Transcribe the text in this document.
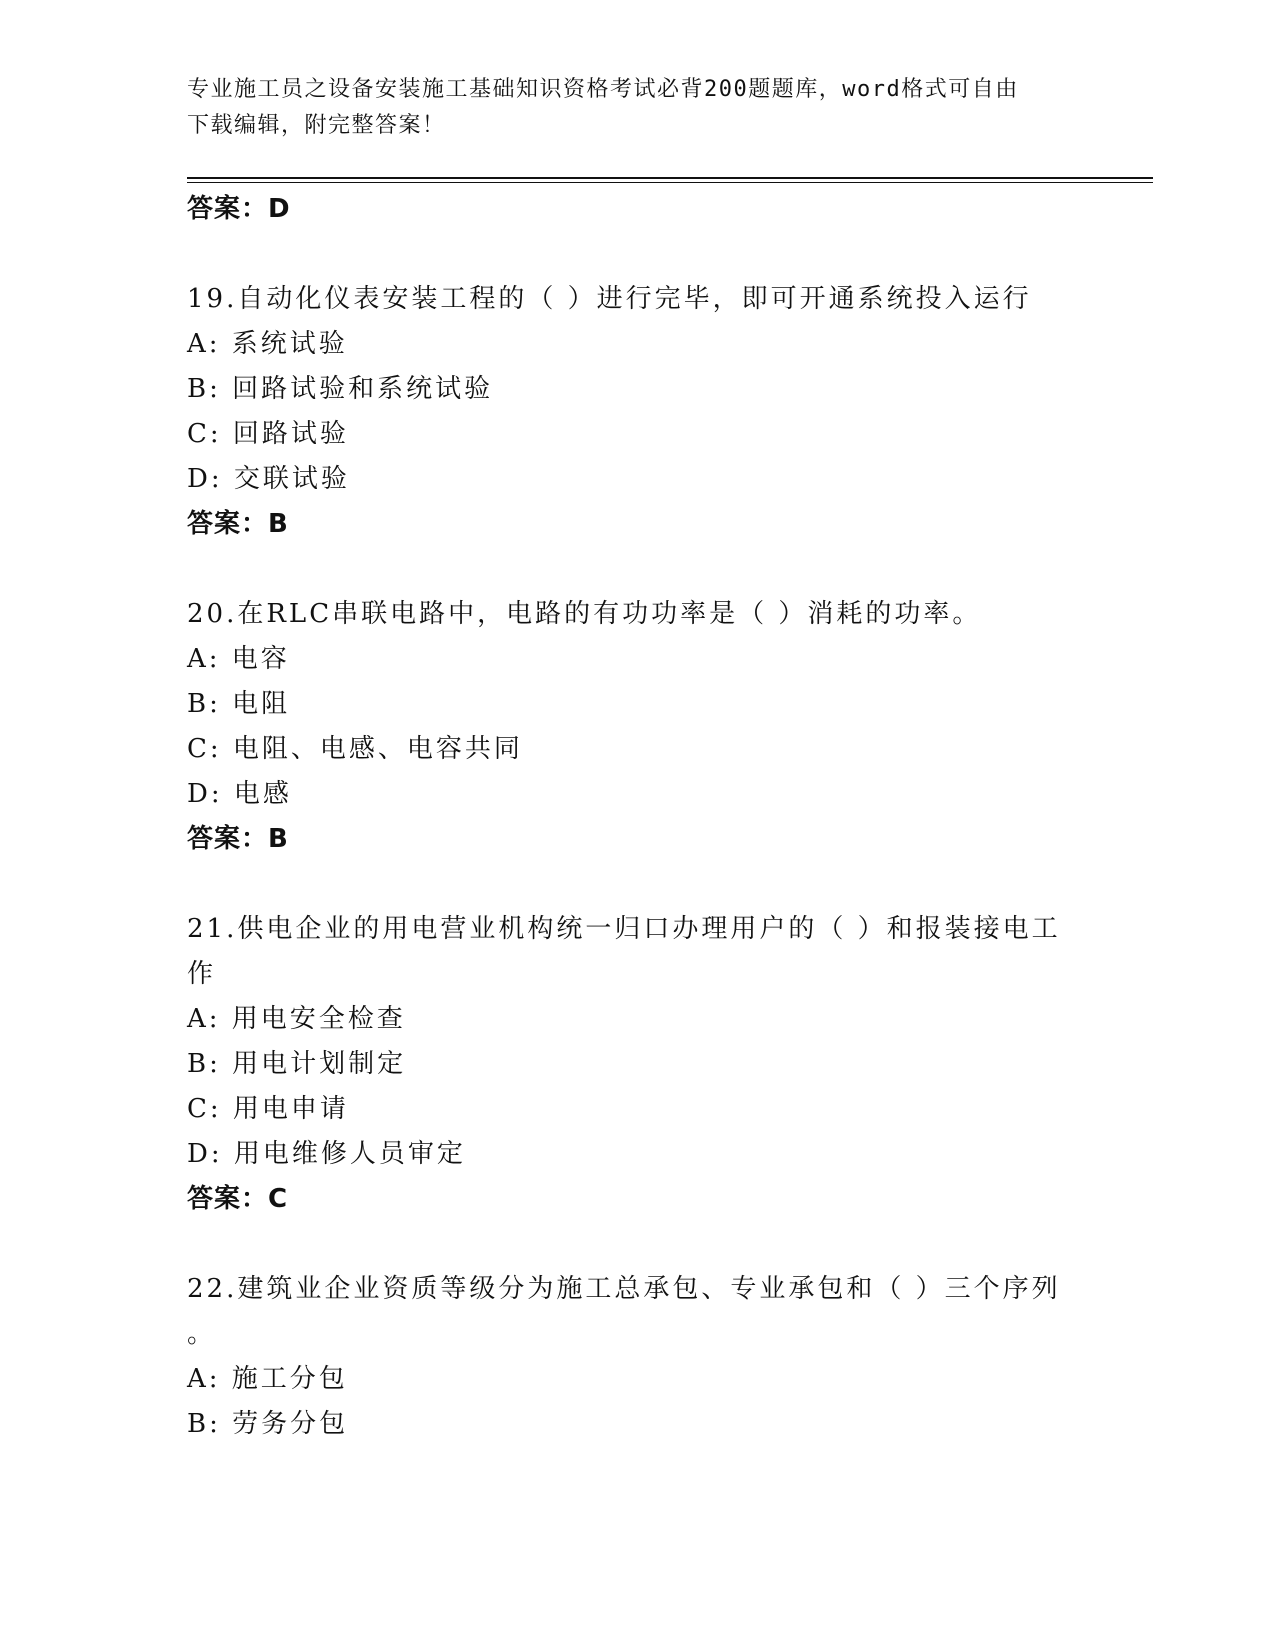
专业施工员之设备安装施工基础知识资格考试必背200题题库，word格式可自由
下载编辑，附完整答案！
答案：D
19.自动化仪表安装工程的（ ）进行完毕，即可开通系统投入运行
A: 系统试验
B: 回路试验和系统试验
C: 回路试验
D: 交联试验
答案：B
20.在RLC串联电路中，电路的有功功率是（ ）消耗的功率。
A: 电容
B: 电阻
C: 电阻、电感、电容共同
D: 电感
答案：B
21.供电企业的用电营业机构统一归口办理用户的（ ）和报装接电工
作
A: 用电安全检查
B: 用电计划制定
C: 用电申请
D: 用电维修人员审定
答案：C
22.建筑业企业资质等级分为施工总承包、专业承包和（ ）三个序列
。
A: 施工分包
B: 劳务分包
